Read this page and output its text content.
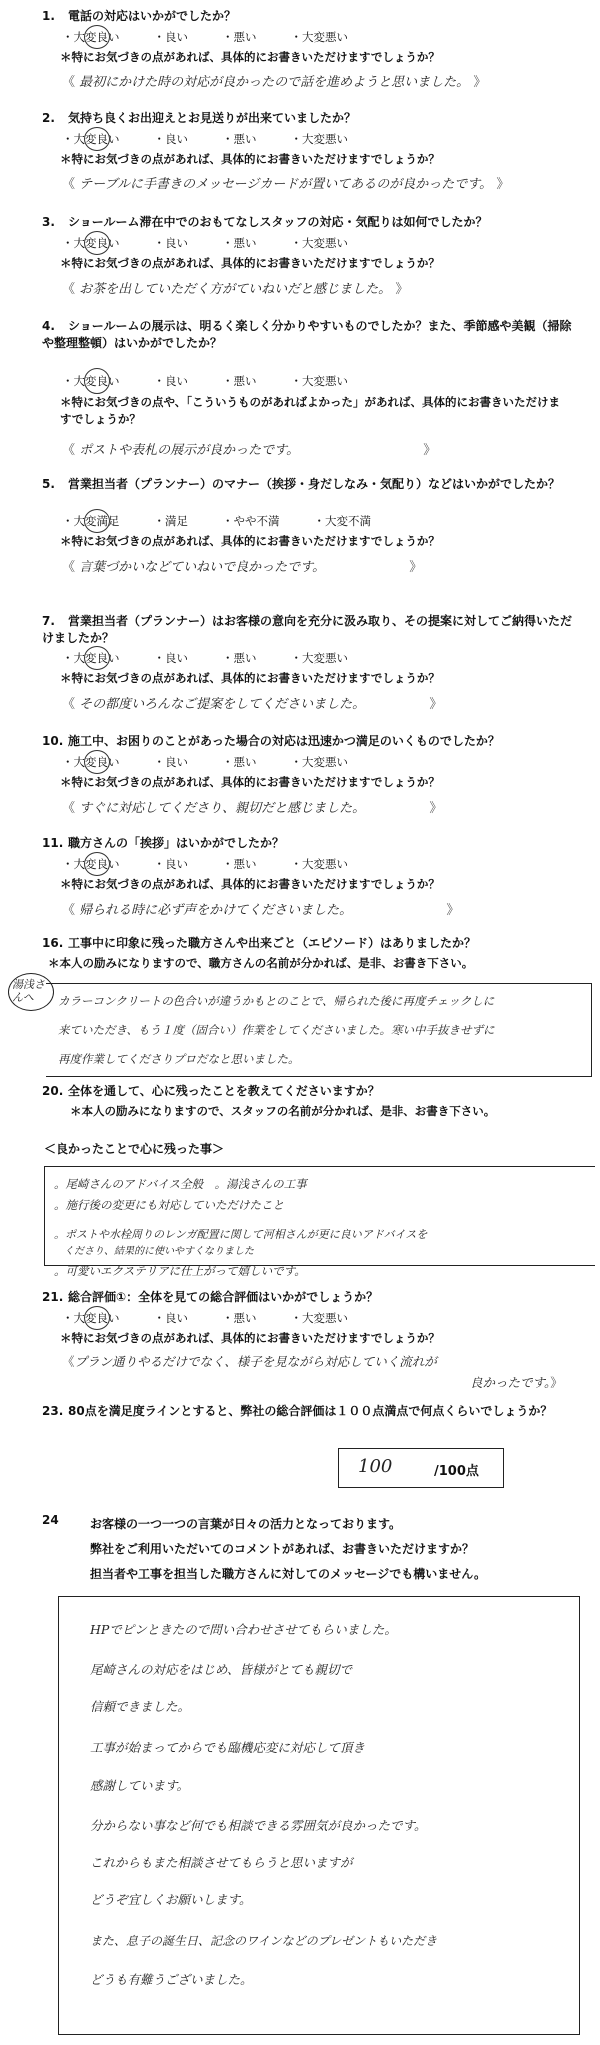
1. 電話の対応はいかがでしたか？
・大変良い	・良い	・悪い	・大変悪い
＊特にお気づきの点があれば、具体的にお書きいただけますでしょうか？
《 最初にかけた時の対応が良かったので話を進めようと思いました。 》
2. 気持ち良くお出迎えとお見送りが出来ていましたか？
・大変良い	・良い	・悪い	・大変悪い
＊特にお気づきの点があれば、具体的にお書きいただけますでしょうか？
《 テーブルに手書きのメッセージカードが置いてあるのが良かったです。 》
3. ショールーム滞在中でのおもてなしスタッフの対応・気配りは如何でしたか？
・大変良い	・良い	・悪い	・大変悪い
＊特にお気づきの点があれば、具体的にお書きいただけますでしょうか？
《 お茶を出していただく方がていねいだと感じました。 》
4. ショールームの展示は、明るく楽しく分かりやすいものでしたか？また、季節感や美観（掃除や整理整頓）はいかがでしたか？
・大変良い	・良い	・悪い	・大変悪い
＊特にお気づきの点や、「こういうものがあればよかった」があれば、具体的にお書きいただけますでしょうか？
《 ポストや表札の展示が良かったです。	》
5. 営業担当者（プランナー）のマナー（挨拶・身だしなみ・気配り）などはいかがでしたか？
・大変満足	・満足	・やや不満	・大変不満
＊特にお気づきの点があれば、具体的にお書きいただけますでしょうか？
《 言葉づかいなどていねいで良かったです。	》
7. 営業担当者（プランナー）はお客様の意向を充分に汲み取り、その提案に対してご納得いただけましたか？
・大変良い	・良い	・悪い	・大変悪い
＊特にお気づきの点があれば、具体的にお書きいただけますでしょうか？
《 その都度いろんなご提案をしてくださいました。	》
10. 施工中、お困りのことがあった場合の対応は迅速かつ満足のいくものでしたか？
・大変良い	・良い	・悪い	・大変悪い
＊特にお気づきの点があれば、具体的にお書きいただけますでしょうか？
《 すぐに対応してくださり、親切だと感じました。	》
11. 職方さんの「挨拶」はいかがでしたか？
・大変良い	・良い	・悪い	・大変悪い
＊特にお気づきの点があれば、具体的にお書きいただけますでしょうか？
《 帰られる時に必ず声をかけてくださいました。	》
16. 工事中に印象に残った職方さんや出来ごと（エピソード）はありましたか？
＊本人の励みになりますので、職方さんの名前が分かれば、是非、お書き下さい。
湯浅さんへ	カラーコンクリートの色合いが違うかもとのことで、帰られた後に再度チェックしに
来ていただき、もう１度（固合い）作業をしてくださいました。寒い中手抜きせずに
再度作業してくださりプロだなと思いました。
20. 全体を通して、心に残ったことを教えてくださいますか？
＊本人の励みになりますので、スタッフの名前が分かれば、是非、お書き下さい。
＜良かったことで心に残った事＞
。尾崎さんのアドバイス全般　。湯浅さんの工事
。施行後の変更にも対応していただけたこと
。ポストや水栓周りのレンガ配置に関して河相さんが更に良いアドバイスを
　くださり、結果的に使いやすくなりました
。可愛いエクステリアに仕上がって嬉しいです。
21. 総合評価①：全体を見ての総合評価はいかがでしょうか？
・大変良い	・良い	・悪い	・大変悪い
＊特にお気づきの点があれば、具体的にお書きいただけますでしょうか？
《プラン通りやるだけでなく、様子を見ながら対応していく流れが
良かったです。》
23. 80点を満足度ラインとすると、弊社の総合評価は１００点満点で何点くらいでしょうか？
100	/100点
24	お客様の一つ一つの言葉が日々の活力となっております。
弊社をご利用いただいてのコメントがあれば、お書きいただけますか？
担当者や工事を担当した職方さんに対してのメッセージでも構いません。
HPでピンときたので問い合わせさせてもらいました。
尾崎さんの対応をはじめ、皆様がとても親切で
信頼できました。
工事が始まってからでも臨機応変に対応して頂き
感謝しています。
分からない事など何でも相談できる雰囲気が良かったです。
これからもまた相談させてもらうと思いますが
どうぞ宜しくお願いします。
また、息子の誕生日、記念のワインなどのプレゼントもいただき
どうも有難うございました。
